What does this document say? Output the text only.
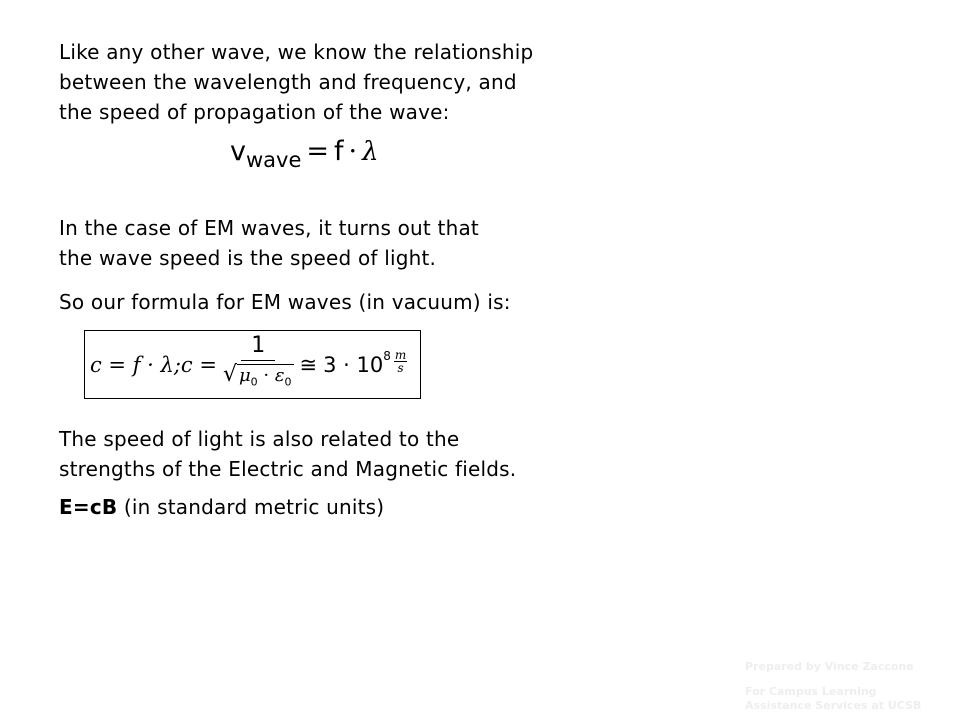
Like any other wave, we know the relationship
between the wavelength and frequency, and
the speed of propagation of the wave:
$v_{wave} = f \cdot \lambda$
In the case of EM waves, it turns out that
the wave speed is the speed of light.
So our formula for EM waves (in vacuum) is:
c = f · λ;c = $\frac{1}{√ \mu_0 \cdot \varepsilon_0}$ ≅ 3 · 10 8 m
s
The speed of light is also related to the
strengths of the Electric and Magnetic fields.
E=cB (in standard metric units)
Prepared by Vince Zaccone
For Campus Learning
Assistance Services at UCSB
